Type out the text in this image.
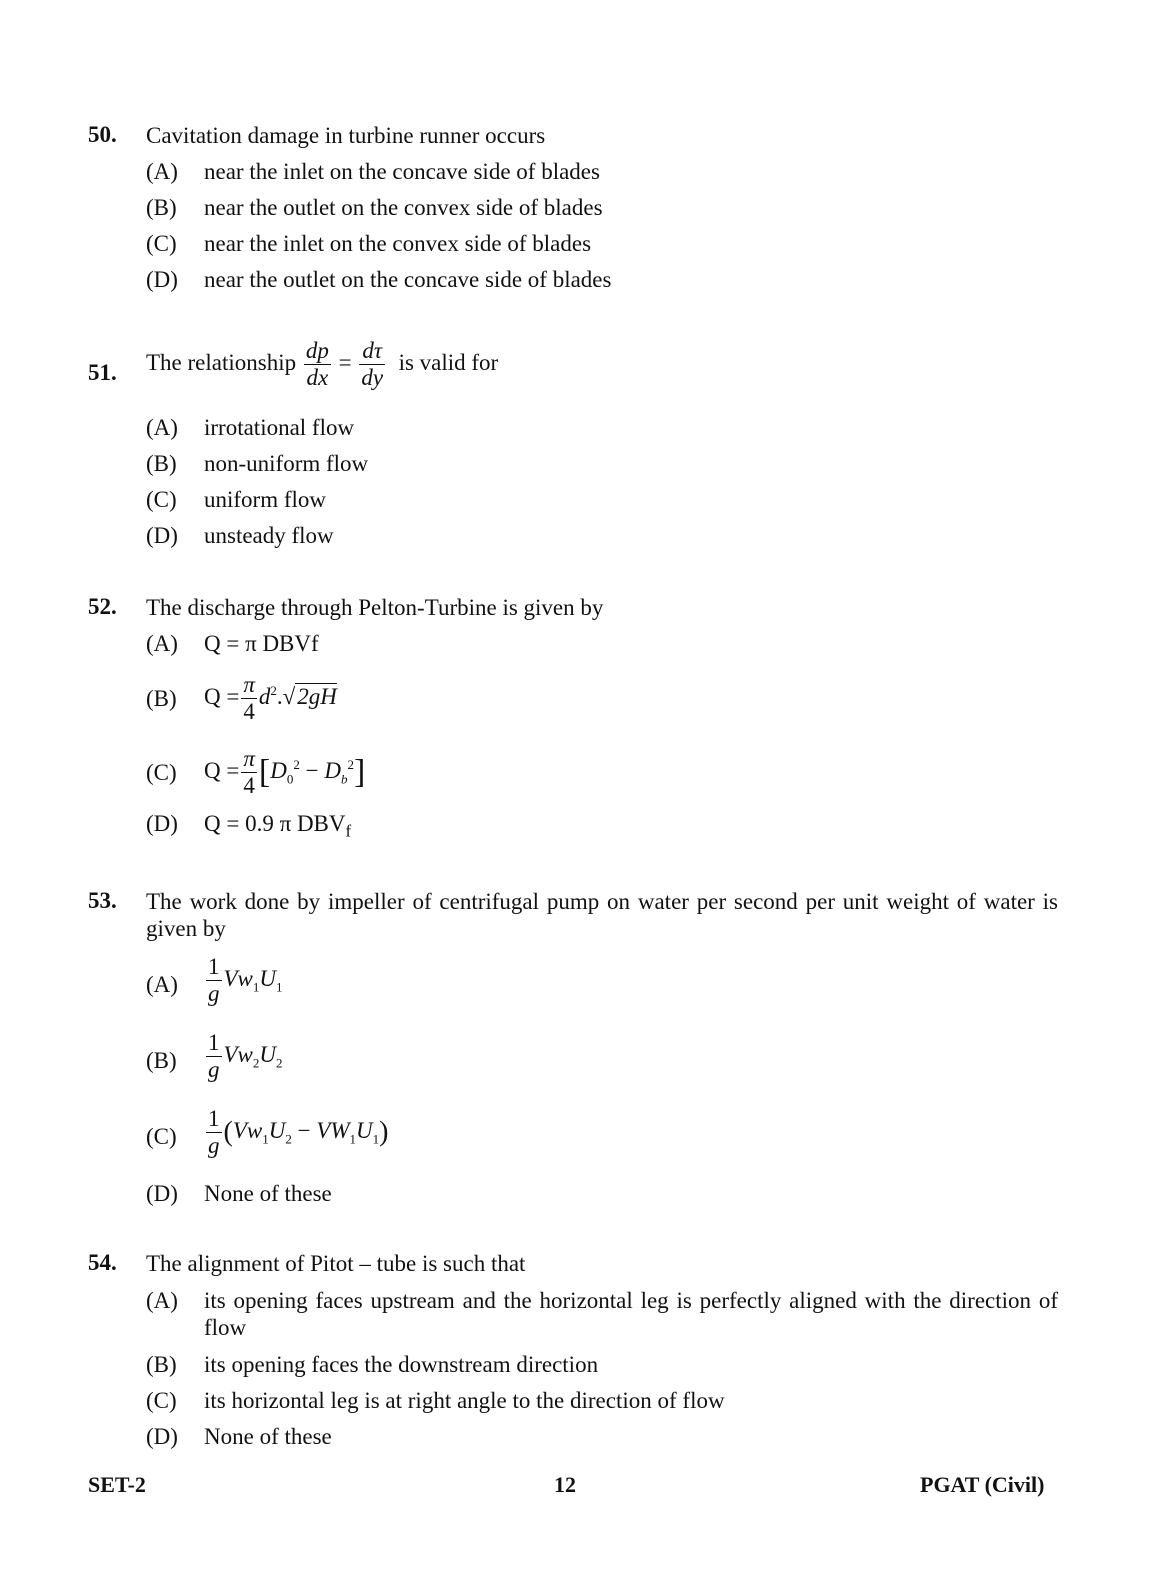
50. Cavitation damage in turbine runner occurs
(A) near the inlet on the concave side of blades
(B) near the outlet on the convex side of blades
(C) near the inlet on the convex side of blades
(D) near the outlet on the concave side of blades
51. The relationship $\frac{dp}{dx} = \frac{d\tau}{dy}$ is valid for
(A) irrotational flow
(B) non-uniform flow
(C) uniform flow
(D) unsteady flow
52. The discharge through Pelton-Turbine is given by
(A) Q = π DBVf
(B) $Q = \frac{\pi}{4} d^2.√2gH$
(C) $Q = \frac{\pi}{4} [D_0^2 - D_b^2]$
(D) Q = 0.9 π $DBV_f$
53. The work done by impeller of centrifugal pump on water per second per unit weight of water is given by
$(A) \frac{1}{g} Vw_1U_1$
$(B) \frac{1}{g} Vw_2U_2$
$(C) \frac{1}{g} (Vw_1U_2 - VW_1U_1)$
(D) None of these
54. The alignment of Pitot – tube is such that
(A) its opening faces upstream and the horizontal leg is perfectly aligned with the direction of flow
(B) its opening faces the downstream direction
(C) its horizontal leg is at right angle to the direction of flow
(D) None of these
SET-2	12	PGAT (Civil)
